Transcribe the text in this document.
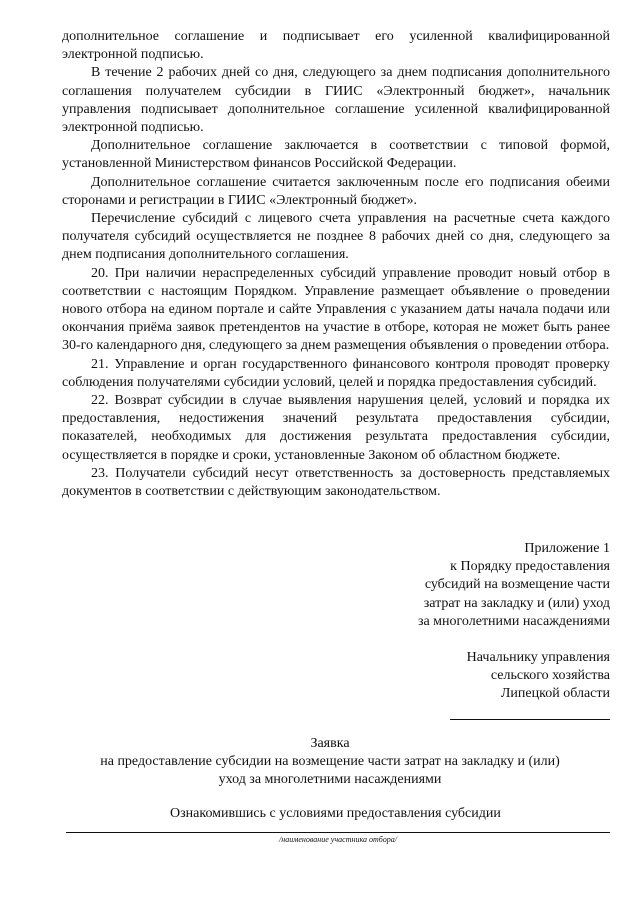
дополнительное соглашение и подписывает его усиленной квалифицированной электронной подписью.

В течение 2 рабочих дней со дня, следующего за днем подписания дополнительного соглашения получателем субсидии в ГИИС «Электронный бюджет», начальник управления подписывает дополнительное соглашение усиленной квалифицированной электронной подписью.

Дополнительное соглашение заключается в соответствии с типовой формой, установленной Министерством финансов Российской Федерации.

Дополнительное соглашение считается заключенным после его подписания обеими сторонами и регистрации в ГИИС «Электронный бюджет».

Перечисление субсидий с лицевого счета управления на расчетные счета каждого получателя субсидий осуществляется не позднее 8 рабочих дней со дня, следующего за днем подписания дополнительного соглашения.

20. При наличии нераспределенных субсидий управление проводит новый отбор в соответствии с настоящим Порядком. Управление размещает объявление о проведении нового отбора на едином портале и сайте Управления с указанием даты начала подачи или окончания приёма заявок претендентов на участие в отборе, которая не может быть ранее 30-го календарного дня, следующего за днем размещения объявления о проведении отбора.

21. Управление и орган государственного финансового контроля проводят проверку соблюдения получателями субсидии условий, целей и порядка предоставления субсидий.

22. Возврат субсидии в случае выявления нарушения целей, условий и порядка их предоставления, недостижения значений результата предоставления субсидии, показателей, необходимых для достижения результата предоставления субсидии, осуществляется в порядке и сроки, установленные Законом об областном бюджете.

23. Получатели субсидий несут ответственность за достоверность представляемых документов в соответствии с действующим законодательством.

Приложение 1
к Порядку предоставления
субсидий на возмещение части
затрат на закладку и (или) уход
за многолетними насаждениями
Начальнику управления
сельского хозяйства
Липецкой области
Заявка
на предоставление субсидии на возмещение части затрат на закладку и (или)
уход за многолетними насаждениями
Ознакомившись с условиями предоставления субсидии
/наименование участника отбора/
